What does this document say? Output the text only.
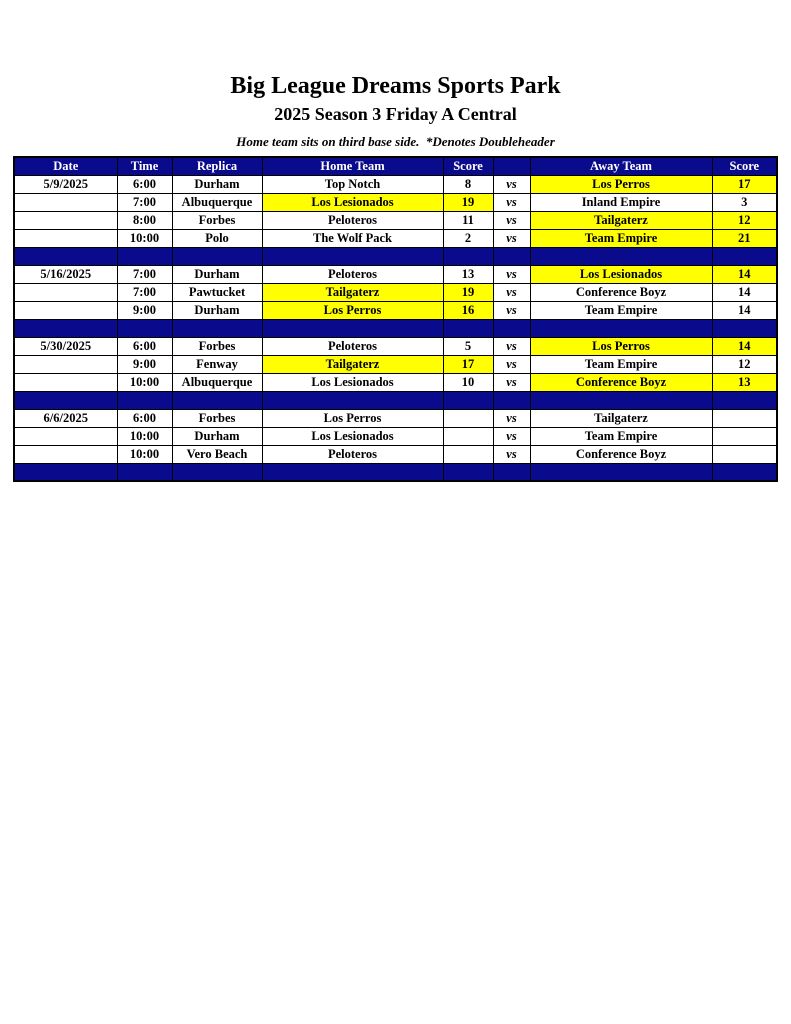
Big League Dreams Sports Park
2025 Season 3 Friday A Central

Home team sits on third base side.  *Denotes Doubleheader

Date	Time	Replica	Home Team	Score		Away Team	Score
5/9/2025	6:00	Durham	Top Notch	8	vs	Los Perros	17
	7:00	Albuquerque	Los Lesionados	19	vs	Inland Empire	3
	8:00	Forbes	Peloteros	11	vs	Tailgaterz	12
	10:00	Polo	The Wolf Pack	2	vs	Team Empire	21

5/16/2025	7:00	Durham	Peloteros	13	vs	Los Lesionados	14
	7:00	Pawtucket	Tailgaterz	19	vs	Conference Boyz	14
	9:00	Durham	Los Perros	16	vs	Team Empire	14

5/30/2025	6:00	Forbes	Peloteros	5	vs	Los Perros	14
	9:00	Fenway	Tailgaterz	17	vs	Team Empire	12
	10:00	Albuquerque	Los Lesionados	10	vs	Conference Boyz	13

6/6/2025	6:00	Forbes	Los Perros		vs	Tailgaterz	
	10:00	Durham	Los Lesionados		vs	Team Empire	
	10:00	Vero Beach	Peloteros		vs	Conference Boyz	
